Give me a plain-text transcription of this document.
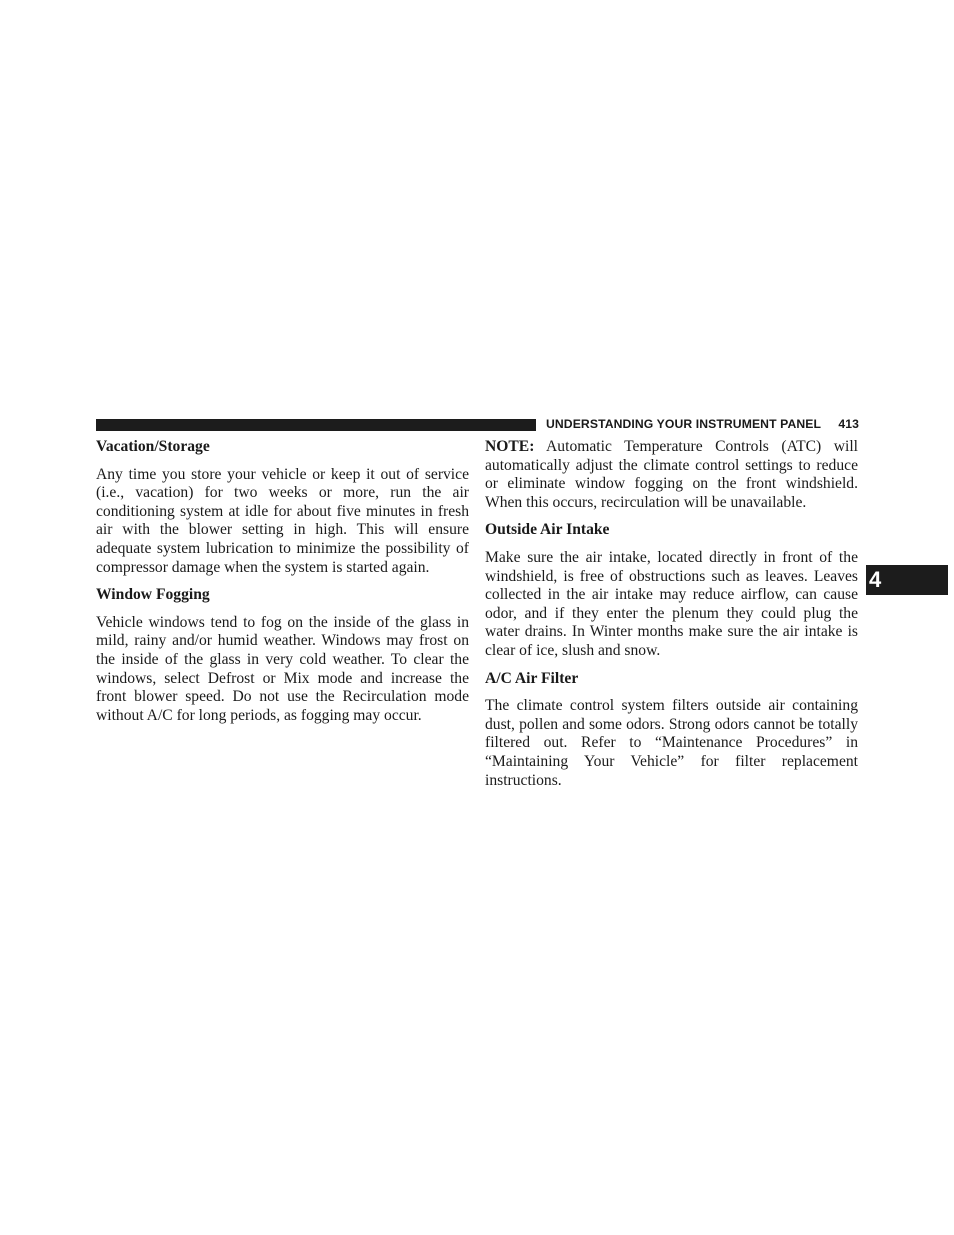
UNDERSTANDING YOUR INSTRUMENT PANEL 413
Vacation/Storage

Any time you store your vehicle or keep it out of service (i.e., vacation) for two weeks or more, run the air conditioning system at idle for about five minutes in fresh air with the blower setting in high. This will ensure adequate system lubrication to minimize the possibility of compressor damage when the system is started again.

Window Fogging

Vehicle windows tend to fog on the inside of the glass in mild, rainy and/or humid weather. Windows may frost on the inside of the glass in very cold weather. To clear the windows, select Defrost or Mix mode and increase the front blower speed. Do not use the Recirculation mode without A/C for long periods, as fogging may occur.

NOTE: Automatic Temperature Controls (ATC) will automatically adjust the climate control settings to reduce or eliminate window fogging on the front windshield. When this occurs, recirculation will be unavailable.

Outside Air Intake

Make sure the air intake, located directly in front of the windshield, is free of obstructions such as leaves. Leaves collected in the air intake may reduce airflow, can cause odor, and if they enter the plenum they could plug the water drains. In Winter months make sure the air intake is clear of ice, slush and snow.

A/C Air Filter

The climate control system filters outside air containing dust, pollen and some odors. Strong odors cannot be totally filtered out. Refer to “Maintenance Procedures” in “Maintaining Your Vehicle” for filter replacement instructions.

4
